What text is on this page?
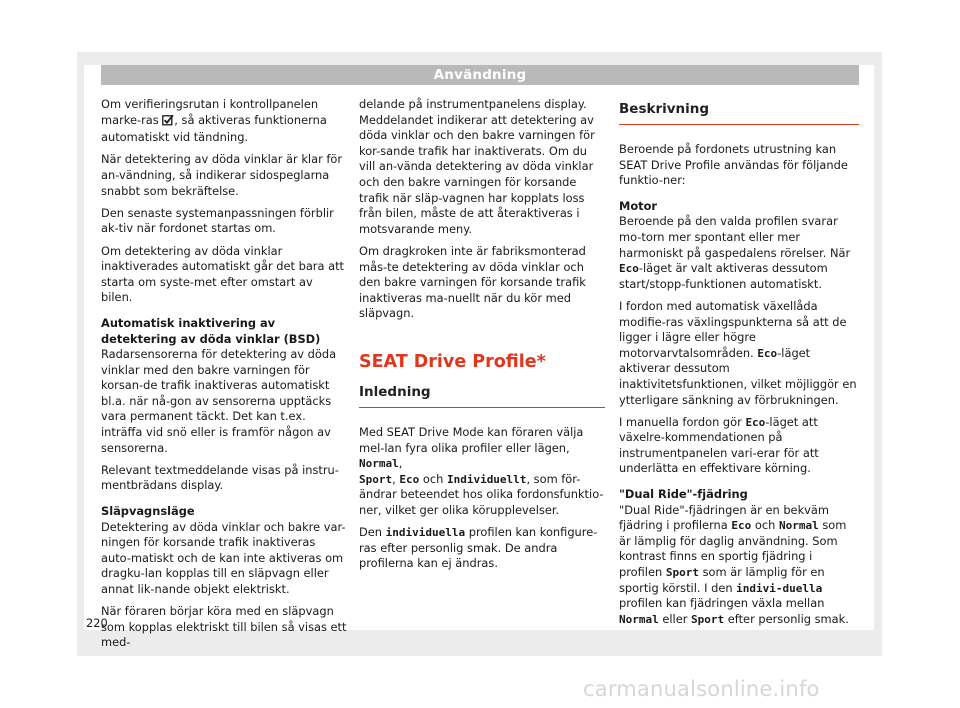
Användning

Om verifieringsrutan i kontrollpanelen marke-ras , så aktiveras funktionerna automatiskt vid tändning.

När detektering av döda vinklar är klar för an-vändning, så indikerar sidospeglarna snabbt som bekräftelse.

Den senaste systemanpassningen förblir ak-tiv när fordonet startas om.

Om detektering av döda vinklar inaktiverades automatiskt går det bara att starta om syste-met efter omstart av bilen.

Automatisk inaktivering av detektering av döda vinklar (BSD)

Radarsensorerna för detektering av döda vinklar med den bakre varningen för korsan-de trafik inaktiveras automatiskt bl.a. när nå-gon av sensorerna upptäcks vara permanent täckt. Det kan t.ex. inträffa vid snö eller is framför någon av sensorerna.

Relevant textmeddelande visas på instru-mentbrädans display.

Släpvagnsläge

Detektering av döda vinklar och bakre var-ningen för korsande trafik inaktiveras auto-matiskt och de kan inte aktiveras om dragku-lan kopplas till en släpvagn eller annat lik-nande objekt elektriskt.

När föraren börjar köra med en släpvagn som kopplas elektriskt till bilen så visas ett med-

delande på instrumentpanelens display. Meddelandet indikerar att detektering av döda vinklar och den bakre varningen för kor-sande trafik har inaktiverats. Om du vill an-vända detektering av döda vinklar och den bakre varningen för korsande trafik när släp-vagnen har kopplats loss från bilen, måste de att återaktiveras i motsvarande meny.

Om dragkroken inte är fabriksmonterad mås-te detektering av döda vinklar och den bakre varningen för korsande trafik inaktiveras ma-nuellt när du kör med släpvagn.

SEAT Drive Profile*
Inledning

Med SEAT Drive Mode kan föraren välja mel-lan fyra olika profiler eller lägen, Normal,
Sport, Eco och Individuellt, som för-ändrar beteendet hos olika fordonsfunktio-ner, vilket ger olika körupplevelser.

Den individuella profilen kan konfigure-ras efter personlig smak. De andra profilerna kan ej ändras.

Beskrivning

Beroende på fordonets utrustning kan SEAT Drive Profile användas för följande funktio-ner:

Motor

Beroende på den valda profilen svarar mo-torn mer spontant eller mer harmoniskt på gaspedalens rörelser. När Eco-läget är valt aktiveras dessutom start/stopp-funktionen automatiskt.

I fordon med automatisk växellåda modifie-ras växlingspunkterna så att de ligger i lägre eller högre motorvarvtalsområden. Eco-läget aktiverar dessutom inaktivitetsfunktionen, vilket möjliggör en ytterligare sänkning av förbrukningen.

I manuella fordon gör Eco-läget att växelre-kommendationen på instrumentpanelen vari-erar för att underlätta en effektivare körning.

"Dual Ride"-fjädring

"Dual Ride"-fjädringen är en bekväm fjädring i profilerna Eco och Normal som är lämplig för daglig användning. Som kontrast finns en sportig fjädring i profilen Sport som är lämplig för en sportig körstil. I den indivi-duella profilen kan fjädringen växla mellan Normal eller Sport efter personlig smak.

220
carmanualsonline.info
